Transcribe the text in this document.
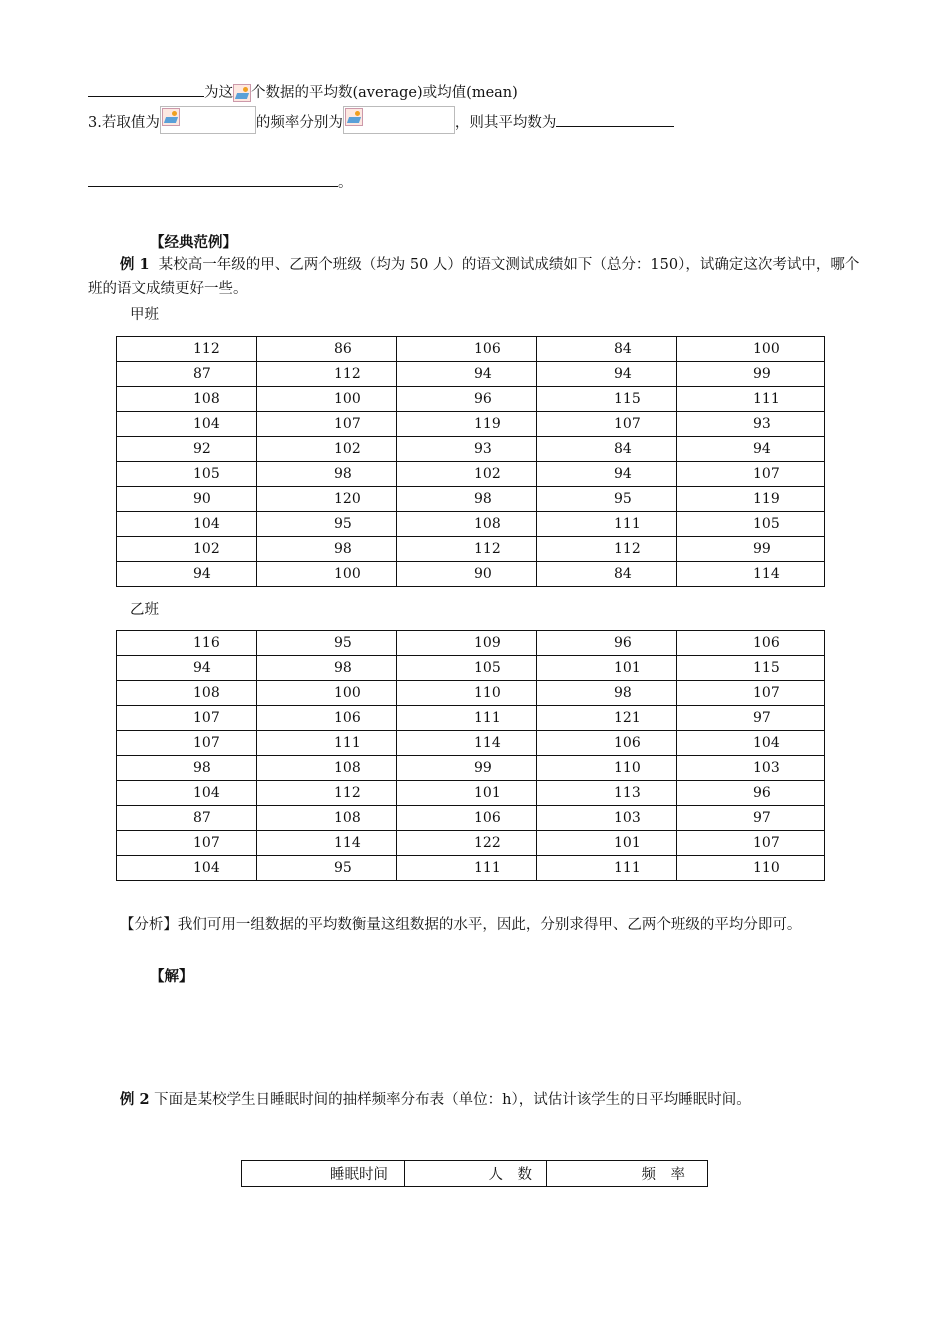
为这 个数据的平均数(average)或均值(mean)
3.若取值为	的频率分别为	，则其平均数为
。
【经典范例】
例 1 某校高一年级的甲、乙两个班级（均为 50 人）的语文测试成绩如下（总分：150），试确定这次考试中，哪个班的语文成绩更好一些。
甲班
112	86	106	84	100
87	112	94	94	99
108	100	96	115	111
104	107	119	107	93
92	102	93	84	94
105	98	102	94	107
90	120	98	95	119
104	95	108	111	105
102	98	112	112	99
94	100	90	84	114
乙班
116	95	109	96	106
94	98	105	101	115
108	100	110	98	107
107	106	111	121	97
107	111	114	106	104
98	108	99	110	103
104	112	101	113	96
87	108	106	103	97
107	114	122	101	107
104	95	111	111	110
【分析】我们可用一组数据的平均数衡量这组数据的水平，因此，分别求得甲、乙两个班级的平均分即可。
【解】
例 2 下面是某校学生日睡眠时间的抽样频率分布表（单位：h），试估计该学生的日平均睡眠时间。
睡眠时间	人　数	频　率
